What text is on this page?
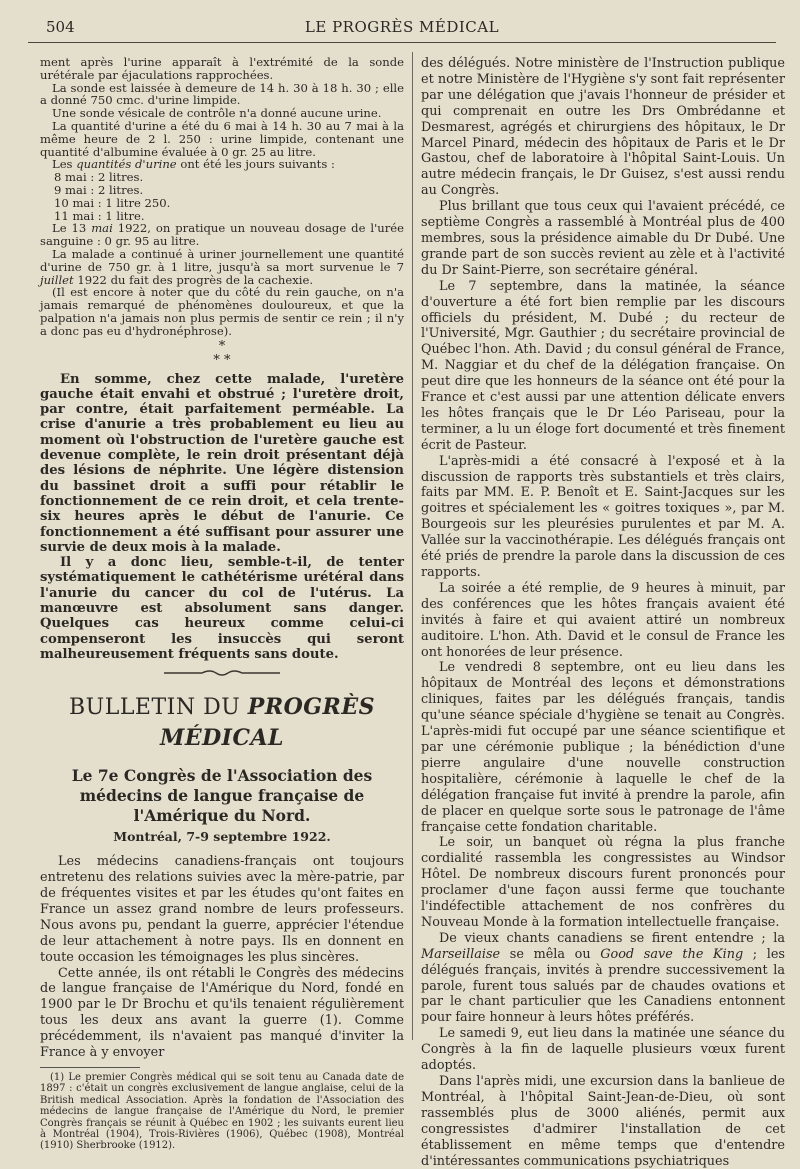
504	LE PROGRÈS MÉDICAL

ment après l'urine apparaît à l'extrémité de la sonde urétérale par éjaculations rapprochées.

La sonde est laissée à demeure de 14 h. 30 à 18 h. 30 ; elle a donné 750 cmc. d'urine limpide.

Une sonde vésicale de contrôle n'a donné aucune urine.

La quantité d'urine a été du 6 mai à 14 h. 30 au 7 mai à la même heure de 2 l. 250 : urine limpide, contenant une quantité d'albumine évaluée à 0 gr. 25 au litre.

Les quantités d'urine ont été les jours suivants :

8 mai : 2 litres.

9 mai : 2 litres.

10 mai : 1 litre 250.

11 mai : 1 litre.

Le 13 mai 1922, on pratique un nouveau dosage de l'urée sanguine : 0 gr. 95 au litre.

La malade a continué à uriner journellement une quantité d'urine de 750 gr. à 1 litre, jusqu'à sa mort survenue le 7 juillet 1922 du fait des progrès de la cachexie.

(Il est encore à noter que du côté du rein gauche, on n'a jamais remarqué de phénomènes douloureux, et que la palpation n'a jamais non plus permis de sentir ce rein ; il n'y a donc pas eu d'hydronéphrose).

*
* *

En somme, chez cette malade, l'uretère gauche était envahi et obstrué ; l'uretère droit, par contre, était parfaitement perméable. La crise d'anurie a très probablement eu lieu au moment où l'obstruction de l'uretère gauche est devenue complète, le rein droit présentant déjà des lésions de néphrite. Une légère distension du bassinet droit a suffi pour rétablir le fonctionnement de ce rein droit, et cela trente-six heures après le début de l'anurie. Ce fonctionnement a été suffisant pour assurer une survie de deux mois à la malade.

Il y a donc lieu, semble-t-il, de tenter systématiquement le cathétérisme urétéral dans l'anurie du cancer du col de l'utérus. La manœuvre est absolument sans danger. Quelques cas heureux comme celui-ci compenseront les insuccès qui seront malheureusement fréquents sans doute.

BULLETIN DU PROGRÈS MÉDICAL
Le 7e Congrès de l'Association des médecins de langue française de l'Amérique du Nord.
Montréal, 7-9 septembre 1922.

Les médecins canadiens-français ont toujours entretenu des relations suivies avec la mère-patrie, par de fréquentes visites et par les études qu'ont faites en France un assez grand nombre de leurs professeurs. Nous avons pu, pendant la guerre, apprécier l'étendue de leur attachement à notre pays. Ils en donnent en toute occasion les témoignages les plus sincères.

Cette année, ils ont rétabli le Congrès des médecins de langue française de l'Amérique du Nord, fondé en 1900 par le Dr Brochu et qu'ils tenaient régulièrement tous les deux ans avant la guerre (1). Comme précédemment, ils n'avaient pas manqué d'inviter la France à y envoyer

(1) Le premier Congrès médical qui se soit tenu au Canada date de 1897 : c'était un congrès exclusivement de langue anglaise, celui de la British medical Association. Après la fondation de l'Association des médecins de langue française de l'Amérique du Nord, le premier Congrès français se réunit à Québec en 1902 ; les suivants eurent lieu à Montréal (1904), Trois-Rivières (1906), Québec (1908), Montréal (1910) Sherbrooke (1912).

des délégués. Notre ministère de l'Instruction publique et notre Ministère de l'Hygiène s'y sont fait représenter par une délégation que j'avais l'honneur de présider et qui comprenait en outre les Drs Ombrédanne et Desmarest, agrégés et chirurgiens des hôpitaux, le Dr Marcel Pinard, médecin des hôpitaux de Paris et le Dr Gastou, chef de laboratoire à l'hôpital Saint-Louis. Un autre médecin français, le Dr Guisez, s'est aussi rendu au Congrès.

Plus brillant que tous ceux qui l'avaient précédé, ce septième Congrès a rassemblé à Montréal plus de 400 membres, sous la présidence aimable du Dr Dubé. Une grande part de son succès revient au zèle et à l'activité du Dr Saint-Pierre, son secrétaire général.

Le 7 septembre, dans la matinée, la séance d'ouverture a été fort bien remplie par les discours officiels du président, M. Dubé ; du recteur de l'Université, Mgr. Gauthier ; du secrétaire provincial de Québec l'hon. Ath. David ; du consul général de France, M. Naggiar et du chef de la délégation française. On peut dire que les honneurs de la séance ont été pour la France et c'est aussi par une attention délicate envers les hôtes français que le Dr Léo Pariseau, pour la terminer, a lu un éloge fort documenté et très finement écrit de Pasteur.

L'après-midi a été consacré à l'exposé et à la discussion de rapports très substantiels et très clairs, faits par MM. E. P. Benoît et E. Saint-Jacques sur les goitres et spécialement les « goitres toxiques », par M. Bourgeois sur les pleurésies purulentes et par M. A. Vallée sur la vaccinothérapie. Les délégués français ont été priés de prendre la parole dans la discussion de ces rapports.

La soirée a été remplie, de 9 heures à minuit, par des conférences que les hôtes français avaient été invités à faire et qui avaient attiré un nombreux auditoire. L'hon. Ath. David et le consul de France les ont honorées de leur présence.

Le vendredi 8 septembre, ont eu lieu dans les hôpitaux de Montréal des leçons et démonstrations cliniques, faites par les délégués français, tandis qu'une séance spéciale d'hygiène se tenait au Congrès. L'après-midi fut occupé par une séance scientifique et par une cérémonie publique ; la bénédiction d'une pierre angulaire d'une nouvelle construction hospitalière, cérémonie à laquelle le chef de la délégation française fut invité à prendre la parole, afin de placer en quelque sorte sous le patronage de l'âme française cette fondation charitable.

Le soir, un banquet où régna la plus franche cordialité rassembla les congressistes au Windsor Hôtel. De nombreux discours furent prononcés pour proclamer d'une façon aussi ferme que touchante l'indéfectible attachement de nos confrères du Nouveau Monde à la formation intellectuelle française.

De vieux chants canadiens se firent entendre ; la Marseillaise se mêla ou Good save the King ; les délégués français, invités à prendre successivement la parole, furent tous salués par de chaudes ovations et par le chant particulier que les Canadiens entonnent pour faire honneur à leurs hôtes préférés.

Le samedi 9, eut lieu dans la matinée une séance du Congrès à la fin de laquelle plusieurs vœux furent adoptés.

Dans l'après midi, une excursion dans la banlieue de Montréal, à l'hôpital Saint-Jean-de-Dieu, où sont rassemblés plus de 3000 aliénés, permit aux congressistes d'admirer l'installation de cet établissement en même temps que d'entendre d'intéressantes communications psychiatriques
